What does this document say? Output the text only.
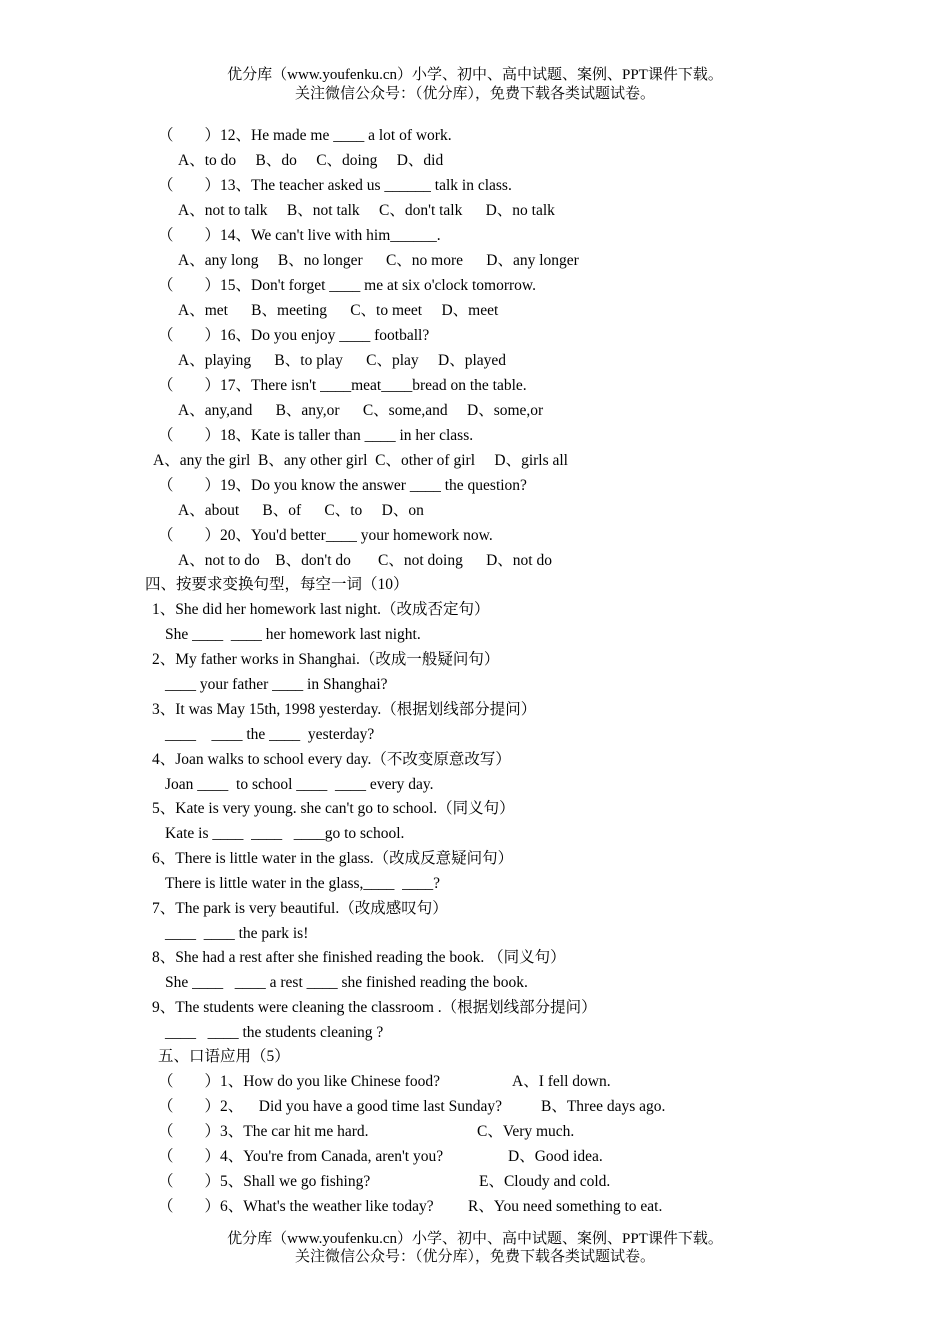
优分库（www.youfenku.cn）小学、初中、高中试题、案例、PPT课件下载。
关注微信公众号：（优分库），免费下载各类试题试卷。
（        ）12、He made me ____ a lot of work.
A、to do     B、do     C、doing     D、did
（        ）13、The teacher asked us ______ talk in class.
A、not to talk     B、not talk     C、don't talk      D、no talk
（        ）14、We can't live with him______.
A、any long     B、no longer      C、no more      D、any longer
（        ）15、Don't forget ____ me at six o'clock tomorrow.
A、met      B、meeting      C、to meet     D、meet
（        ）16、Do you enjoy ____ football?
A、playing      B、to play      C、play     D、played
（        ）17、There isn't ____meat____bread on the table.
A、any,and      B、any,or      C、some,and     D、some,or
（        ）18、Kate is taller than ____ in her class.
A、any the girl  B、any other girl  C、other of girl     D、girls all
（        ）19、Do you know the answer ____ the question?
A、about      B、of      C、to     D、on
（        ）20、You'd better____ your homework now.
A、not to do    B、don't do       C、not doing      D、not do
四、按要求变换句型，每空一词（10）
1、She did her homework last night.（改成否定句）
She ____  ____ her homework last night.
2、My father works in Shanghai.（改成一般疑问句）
____ your father ____ in Shanghai?
3、It was May 15th, 1998 yesterday.（根据划线部分提问）
____    ____ the ____  yesterday?
4、Joan walks to school every day.（不改变原意改写）
Joan ____  to school ____  ____ every day.
5、Kate is very young. she can't go to school.（同义句）
Kate is ____  ____   ____go to school.
6、There is little water in the glass.（改成反意疑问句）
There is little water in the glass,____  ____?
7、The park is very beautiful.（改成感叹句）
____  ____ the park is!
8、She had a rest after she finished reading the book. （同义句）
She ____   ____ a rest ____ she finished reading the book.
9、The students were cleaning the classroom .（根据划线部分提问）
____   ____ the students cleaning ?
五、口语应用（5）
（        ）1、How do you like Chinese food?	A、I fell down.
（        ）2、    Did you have a good time last Sunday?	B、Three days ago.
（        ）3、The car hit me hard.	C、Very much.
（        ）4、You're from Canada, aren't you?	D、Good idea.
（        ）5、Shall we go fishing?	E、Cloudy and cold.
（        ）6、What's the weather like today? R、You need something to eat.
优分库（www.youfenku.cn）小学、初中、高中试题、案例、PPT课件下载。
关注微信公众号：（优分库），免费下载各类试题试卷。
